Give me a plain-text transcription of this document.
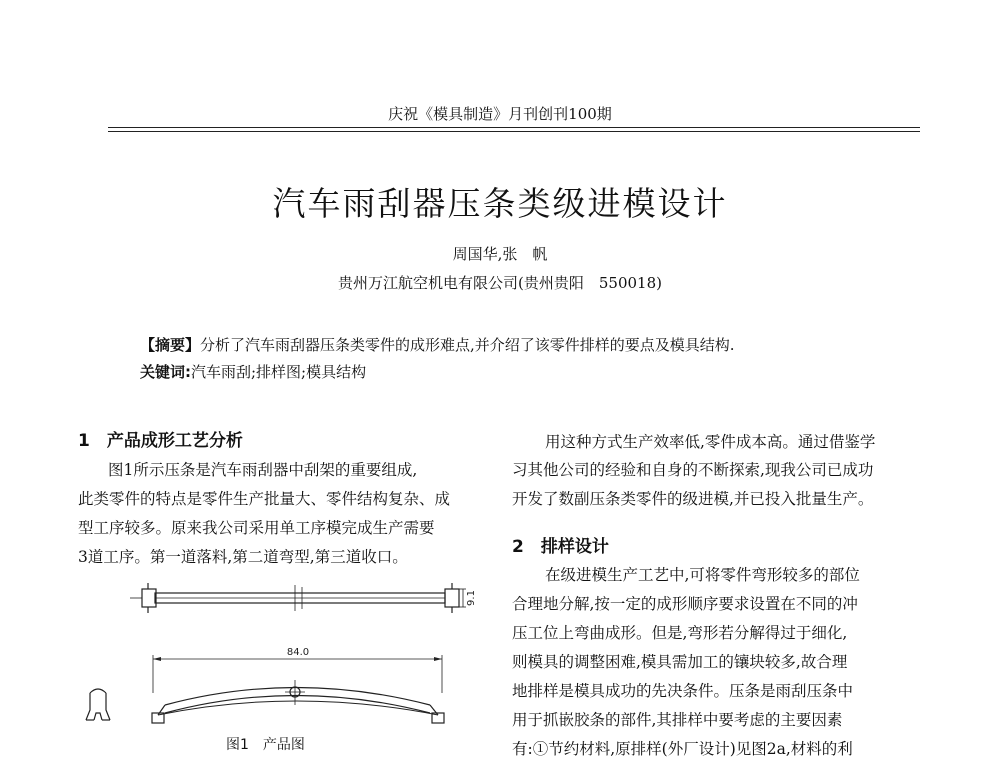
庆祝《模具制造》月刊创刊100期
汽车雨刮器压条类级进模设计
周国华,张　帆
贵州万江航空机电有限公司(贵州贵阳　550018)
【摘要】分析了汽车雨刮器压条类零件的成形难点,并介绍了该零件排样的要点及模具结构.
关键词:汽车雨刮;排样图;模具结构
1　产品成形工艺分析
图1所示压条是汽车雨刮器中刮架的重要组成,
此类零件的特点是零件生产批量大、零件结构复杂、成
型工序较多。原来我公司采用单工序模完成生产需要
3道工序。第一道落料,第二道弯型,第三道收口。
84.0
9.1
图1　产品图
用这种方式生产效率低,零件成本高。通过借鉴学
习其他公司的经验和自身的不断探索,现我公司已成功
开发了数副压条类零件的级进模,并已投入批量生产。
2　排样设计
在级进模生产工艺中,可将零件弯形较多的部位
合理地分解,按一定的成形顺序要求设置在不同的冲
压工位上弯曲成形。但是,弯形若分解得过于细化,
则模具的调整困难,模具需加工的镶块较多,故合理
地排样是模具成功的先决条件。压条是雨刮压条中
用于抓嵌胶条的部件,其排样中要考虑的主要因素
有:①节约材料,原排样(外厂设计)见图2a,材料的利
